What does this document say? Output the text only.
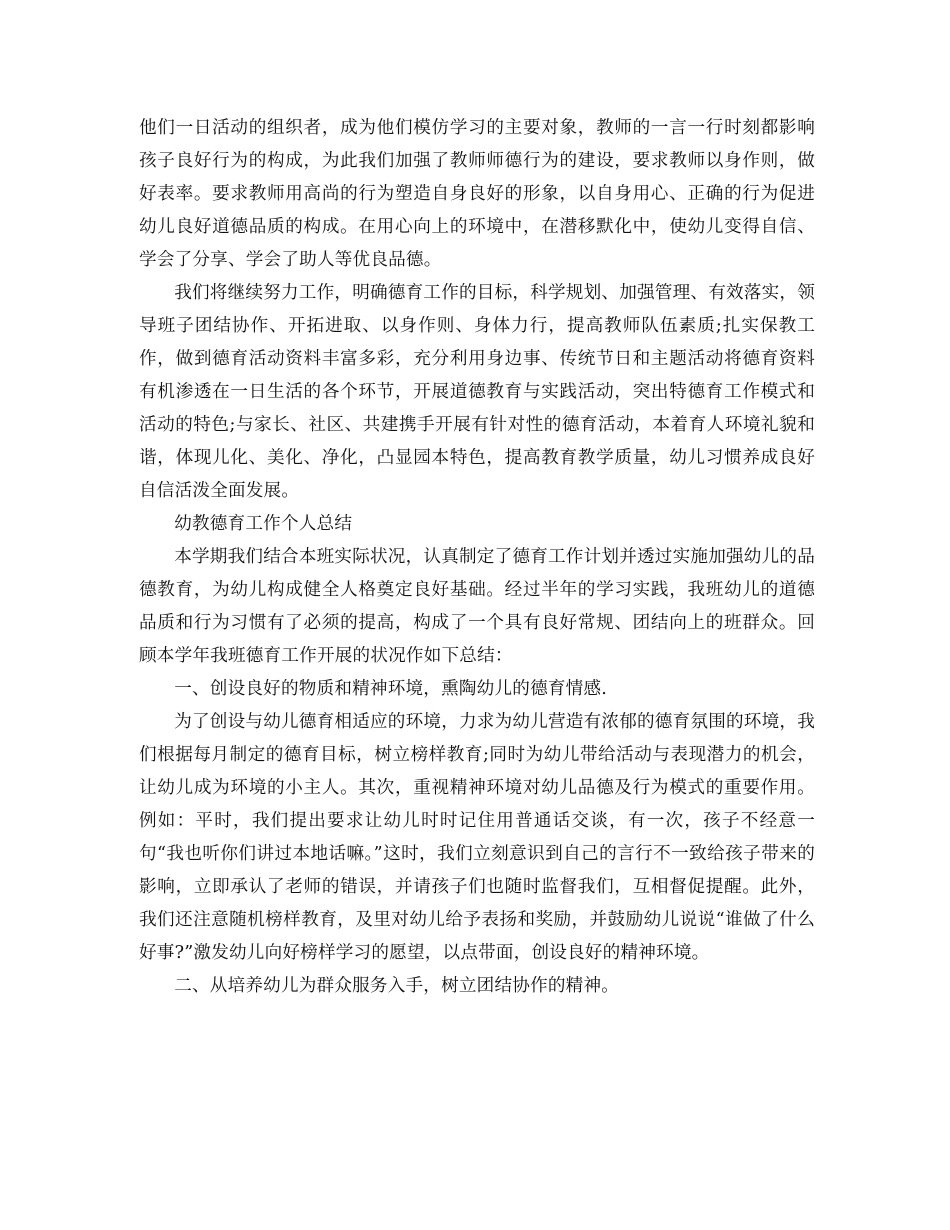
他们一日活动的组织者，成为他们模仿学习的主要对象，教师的一言一行时刻都影响孩子良好行为的构成，为此我们加强了教师师德行为的建设，要求教师以身作则，做好表率。要求教师用高尚的行为塑造自身良好的形象，以自身用心、正确的行为促进幼儿良好道德品质的构成。在用心向上的环境中，在潜移默化中，使幼儿变得自信、学会了分享、学会了助人等优良品德。

我们将继续努力工作，明确德育工作的目标，科学规划、加强管理、有效落实，领导班子团结协作、开拓进取、以身作则、身体力行，提高教师队伍素质;扎实保教工作，做到德育活动资料丰富多彩，充分利用身边事、传统节日和主题活动将德育资料有机渗透在一日生活的各个环节，开展道德教育与实践活动，突出特德育工作模式和活动的特色;与家长、社区、共建携手开展有针对性的德育活动，本着育人环境礼貌和谐，体现儿化、美化、净化，凸显园本特色，提高教育教学质量，幼儿习惯养成良好自信活泼全面发展。

幼教德育工作个人总结

本学期我们结合本班实际状况，认真制定了德育工作计划并透过实施加强幼儿的品德教育，为幼儿构成健全人格奠定良好基础。经过半年的学习实践，我班幼儿的道德品质和行为习惯有了必须的提高，构成了一个具有良好常规、团结向上的班群众。回顾本学年我班德育工作开展的状况作如下总结：

一、创设良好的物质和精神环境，熏陶幼儿的德育情感.

为了创设与幼儿德育相适应的环境，力求为幼儿营造有浓郁的德育氛围的环境，我们根据每月制定的德育目标，树立榜样教育;同时为幼儿带给活动与表现潜力的机会，让幼儿成为环境的小主人。其次，重视精神环境对幼儿品德及行为模式的重要作用。例如：平时，我们提出要求让幼儿时时记住用普通话交谈，有一次，孩子不经意一句“我也听你们讲过本地话嘛。”这时，我们立刻意识到自己的言行不一致给孩子带来的影响，立即承认了老师的错误，并请孩子们也随时监督我们，互相督促提醒。此外，我们还注意随机榜样教育，及里对幼儿给予表扬和奖励，并鼓励幼儿说说“谁做了什么好事?”激发幼儿向好榜样学习的愿望，以点带面，创设良好的精神环境。

二、从培养幼儿为群众服务入手，树立团结协作的精神。
